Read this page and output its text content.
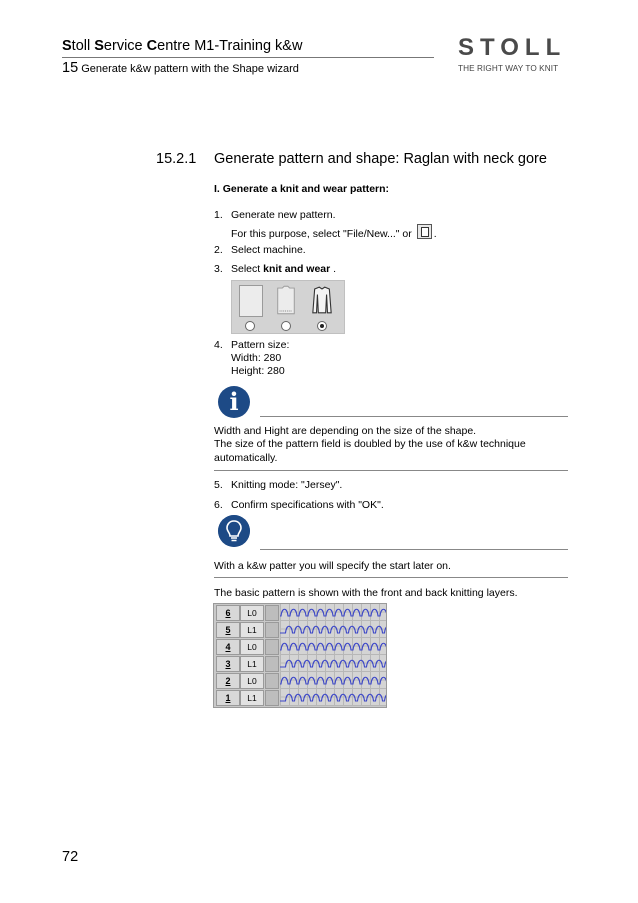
Stoll Service Centre M1-Training k&w
15 Generate k&w pattern with the Shape wizard
STOLL
THE RIGHT WAY TO KNIT
15.2.1 Generate pattern and shape: Raglan with neck gore
I. Generate a knit and wear pattern:
1. Generate new pattern.
For this purpose, select "File/New..." or .
2. Select machine.
3. Select knit and wear .
4. Pattern size:
Width: 280
Height: 280
i
Width and Hight are depending on the size of the shape.
The size of the pattern field is doubled by the use of k&w technique
automatically.
5. Knitting mode: "Jersey".
6. Confirm specifications with "OK".
With a k&w patter you will specify the start later on.
The basic pattern is shown with the front and back knitting layers.
6	L0
5	L1
4	L0
3	L1
2	L0
1	L1
72
